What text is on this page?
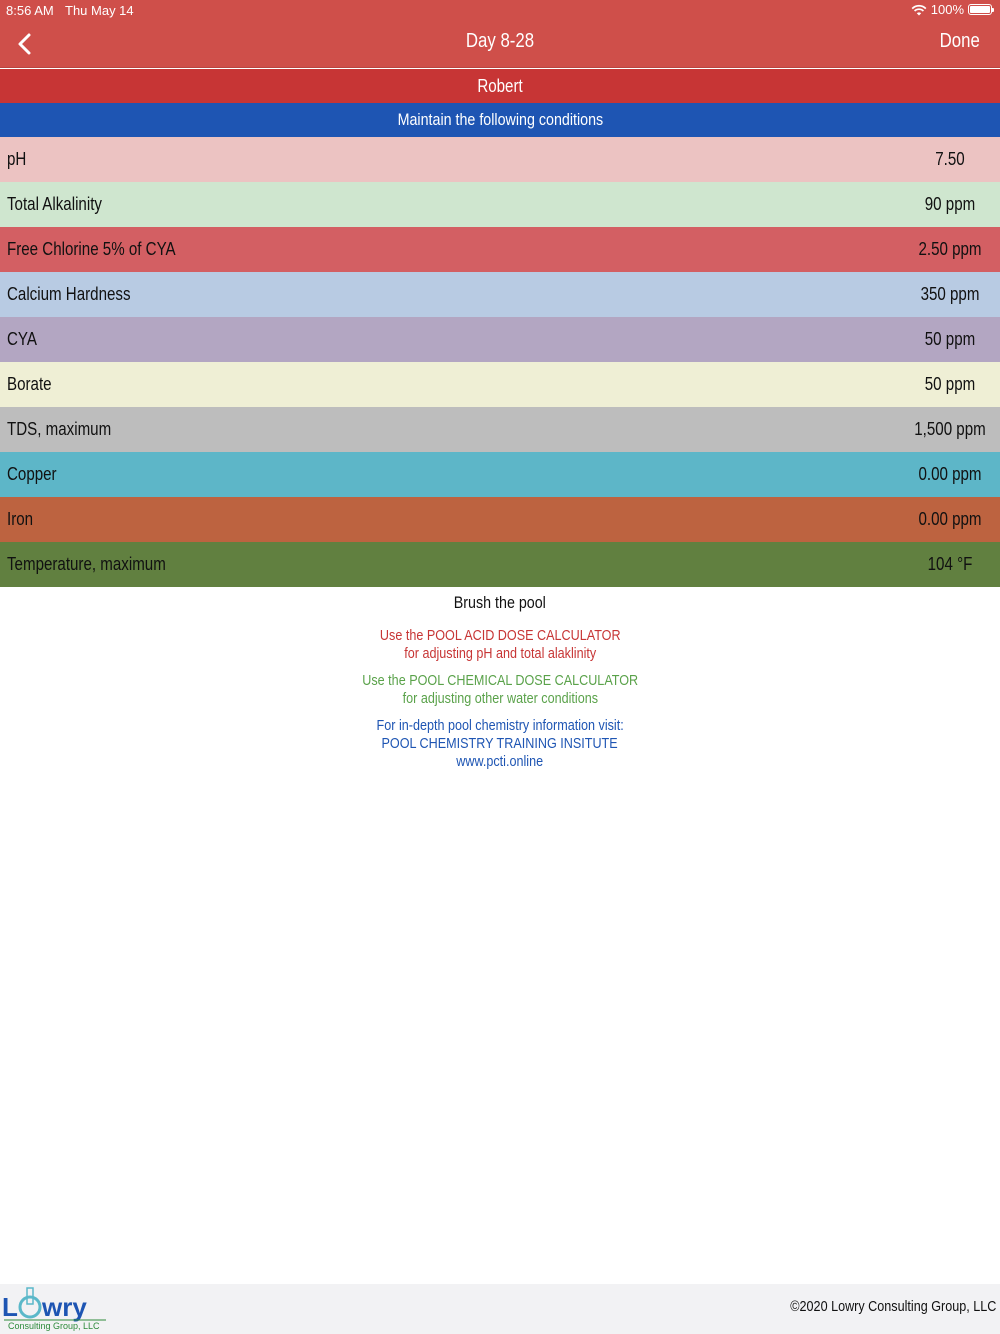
8:56 AM Thu May 14	100%
Day 8-28	Done
Robert
Maintain the following conditions
pH	7.50
Total Alkalinity	90 ppm
Free Chlorine 5% of CYA	2.50 ppm
Calcium Hardness	350 ppm
CYA	50 ppm
Borate	50 ppm
TDS, maximum	1,500 ppm
Copper	0.00 ppm
Iron	0.00 ppm
Temperature, maximum	104 °F
Brush the pool
Use the POOL ACID DOSE CALCULATOR
for adjusting pH and total alaklinity
Use the POOL CHEMICAL DOSE CALCULATOR
for adjusting other water conditions
For in-depth pool chemistry information visit:
POOL CHEMISTRY TRAINING INSITUTE
www.pcti.online
L wry
Consulting Group, LLC
©2020 Lowry Consulting Group, LLC
